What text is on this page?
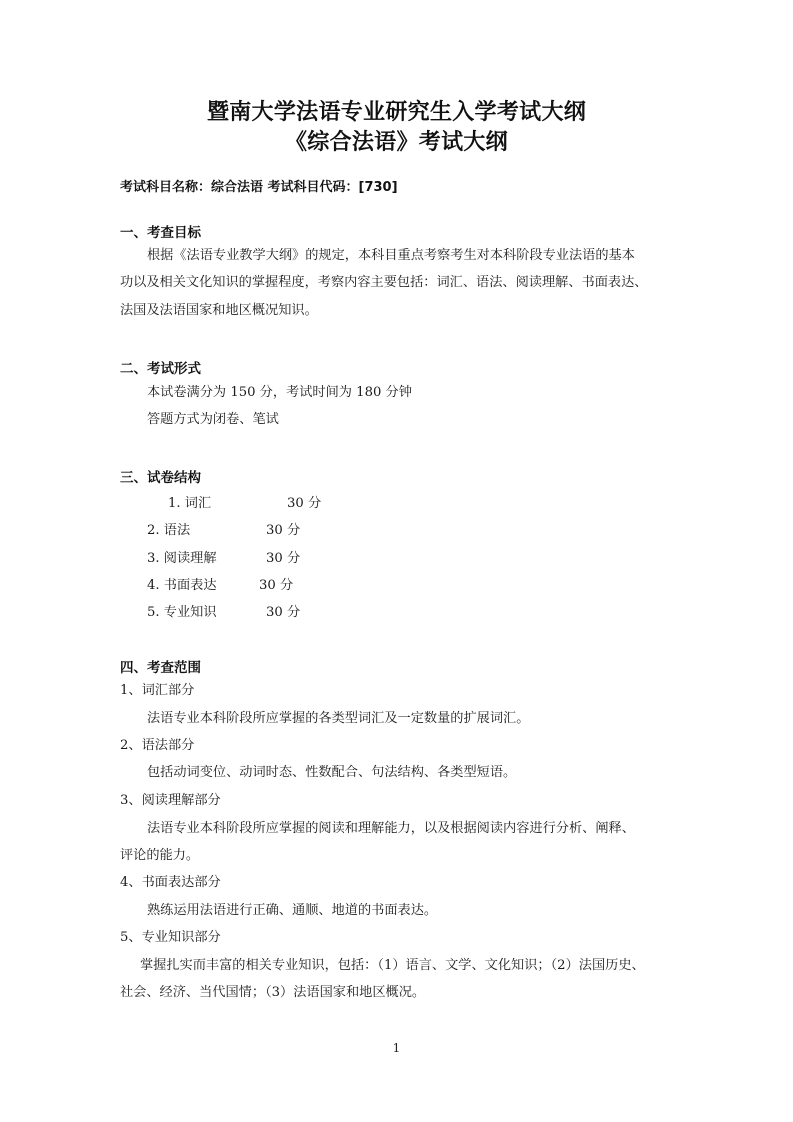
暨南大学法语专业研究生入学考试大纲
《综合法语》考试大纲
考试科目名称：综合法语 考试科目代码：[730]
一、考查目标
根据《法语专业教学大纲》的规定，本科目重点考察考生对本科阶段专业法语的基本
功以及相关文化知识的掌握程度，考察内容主要包括：词汇、语法、阅读理解、书面表达、
法国及法语国家和地区概况知识。
二、考试形式
本试卷满分为 150 分，考试时间为 180 分钟
答题方式为闭卷、笔试
三、试卷结构
1. 词汇	30 分
2. 语法	30 分
3. 阅读理解	30 分
4. 书面表达	30 分
5. 专业知识	30 分
四、考查范围
1、词汇部分
法语专业本科阶段所应掌握的各类型词汇及一定数量的扩展词汇。
2、语法部分
包括动词变位、动词时态、性数配合、句法结构、各类型短语。
3、阅读理解部分
法语专业本科阶段所应掌握的阅读和理解能力，以及根据阅读内容进行分析、阐释、
评论的能力。
4、书面表达部分
熟练运用法语进行正确、通顺、地道的书面表达。
5、专业知识部分
掌握扎实而丰富的相关专业知识，包括：（1）语言、文学、文化知识；（2）法国历史、
社会、经济、当代国情；（3）法语国家和地区概况。
1
